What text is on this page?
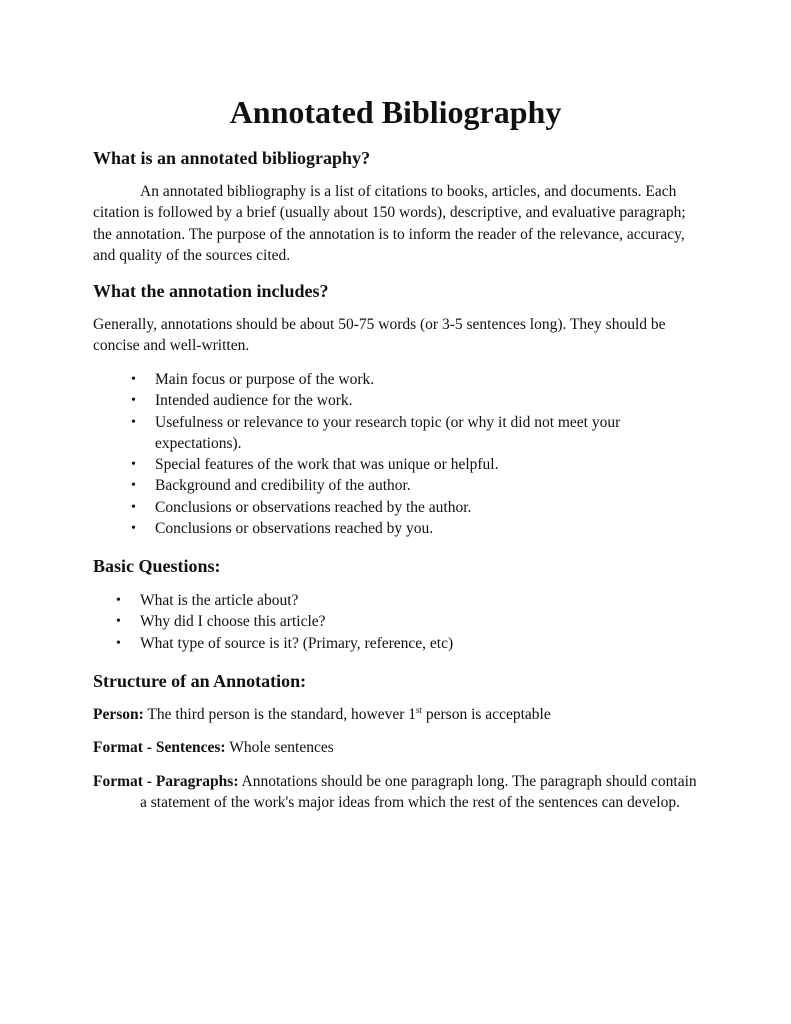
Annotated Bibliography
What is an annotated bibliography?

An annotated bibliography is a list of citations to books, articles, and documents. Each citation is followed by a brief (usually about 150 words), descriptive, and evaluative paragraph; the annotation. The purpose of the annotation is to inform the reader of the relevance, accuracy, and quality of the sources cited.

What the annotation includes?

Generally, annotations should be about 50-75 words (or 3-5 sentences long). They should be concise and well-written.

• Main focus or purpose of the work.
• Intended audience for the work.
• Usefulness or relevance to your research topic (or why it did not meet your expectations).
• Special features of the work that was unique or helpful.
• Background and credibility of the author.
• Conclusions or observations reached by the author.
• Conclusions or observations reached by you.
Basic Questions:
• What is the article about?
• Why did I choose this article?
• What type of source is it? (Primary, reference, etc)
Structure of an Annotation:

Person: The third person is the standard, however 1st person is acceptable

Format - Sentences: Whole sentences

Format - Paragraphs: Annotations should be one paragraph long. The paragraph should contain a statement of the work's major ideas from which the rest of the sentences can develop.
